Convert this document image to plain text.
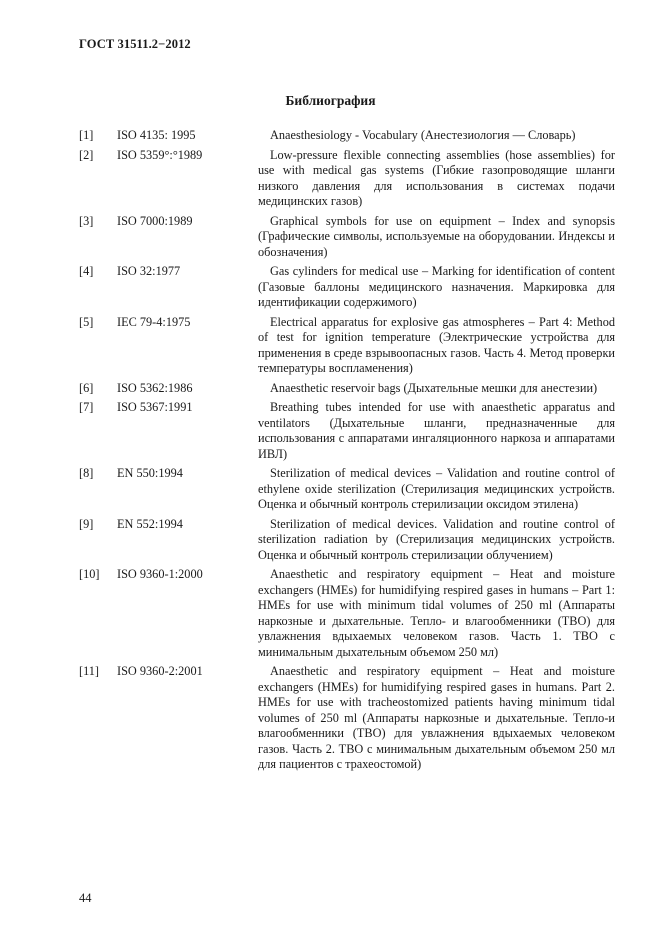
ГОСТ 31511.2−2012
Библиография
[1]	ISO 4135: 1995	Anaesthesiology - Vocabulary (Анестезиология — Словарь)
[2]	ISO 5359°:°1989	Low-pressure flexible connecting assemblies (hose assemblies) for use with medical gas systems (Гибкие газопроводящие шланги низкого давления для использования в системах подачи медицинских газов)
[3]	ISO 7000:1989	Graphical symbols for use on equipment – Index and synopsis (Графические символы, используемые на оборудовании. Индексы и обозначения)
[4]	ISO 32:1977	Gas cylinders for medical use – Marking for identification of content (Газовые баллоны медицинского назначения. Маркировка для идентификации содержимого)
[5]	IEC 79-4:1975	Electrical apparatus for explosive gas atmospheres – Part 4: Method of test for ignition temperature (Электрические устройства для применения в среде взрывоопасных газов. Часть 4. Метод проверки температуры воспламенения)
[6]	ISO 5362:1986	Anaesthetic reservoir bags (Дыхательные мешки для анестезии)
[7]	ISO 5367:1991	Breathing tubes intended for use with anaesthetic apparatus and ventilators (Дыхательные шланги, предназначенные для использования с аппаратами ингаляционного наркоза и аппаратами ИВЛ)
[8]	EN 550:1994	Sterilization of medical devices – Validation and routine control of ethylene oxide sterilization (Стерилизация медицинских устройств. Оценка и обычный контроль стерилизации оксидом этилена)
[9]	EN 552:1994	Sterilization of medical devices. Validation and routine control of sterilization radiation by (Стерилизация медицинских устройств. Оценка и обычный контроль стерилизации облучением)
[10]	ISO 9360-1:2000	Anaesthetic and respiratory equipment – Heat and moisture exchangers (HMEs) for humidifying respired gases in humans – Part 1: HMEs for use with minimum tidal volumes of 250 ml (Аппараты наркозные и дыхательные. Тепло- и влагообменники (ТВО) для увлажнения вдыхаемых человеком газов. Часть 1. ТВО с минимальным дыхательным объемом 250 мл)
[11]	ISO 9360-2:2001	Anaesthetic and respiratory equipment – Heat and moisture exchangers (HMEs) for humidifying respired gases in humans. Part 2. HMEs for use with tracheostomized patients having minimum tidal volumes of 250 ml (Аппараты наркозные и дыхательные. Тепло-и влагообменники (ТВО) для увлажнения вдыхаемых человеком газов. Часть 2. ТВО с минимальным дыхательным объемом 250 мл для пациентов с трахеостомой)
44
